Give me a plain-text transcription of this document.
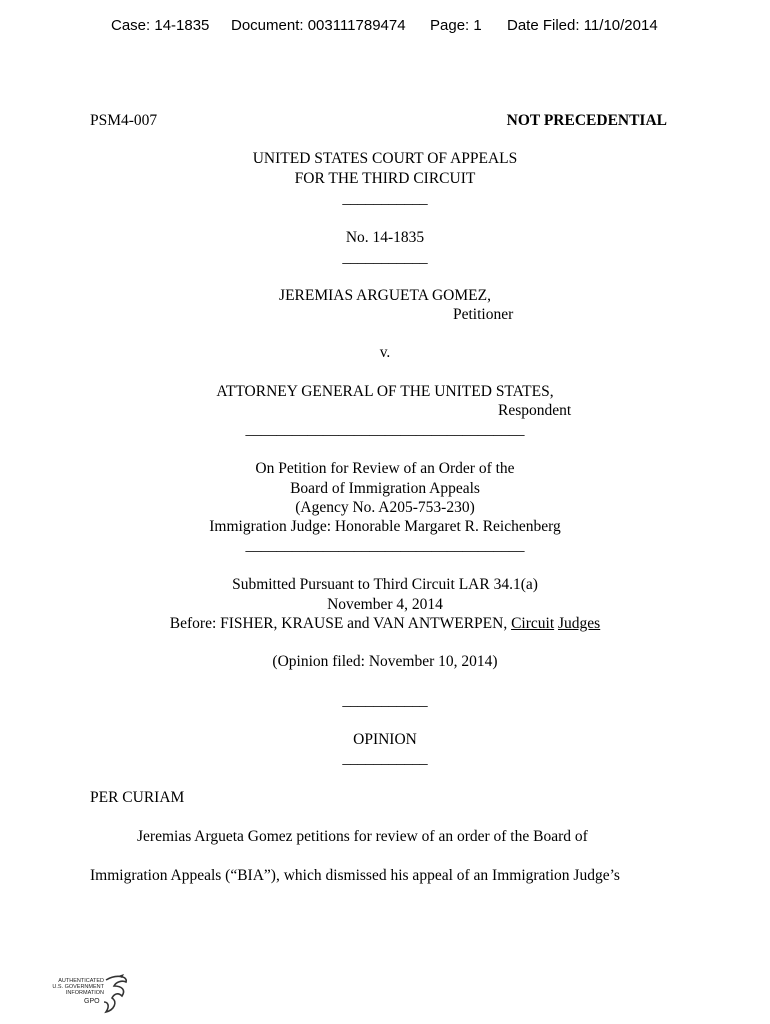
Case: 14-1835 Document: 003111789474 Page: 1 Date Filed: 11/10/2014
PSM4-007	NOT PRECEDENTIAL
UNITED STATES COURT OF APPEALS
FOR THE THIRD CIRCUIT
___________
No. 14-1835
___________
JEREMIAS ARGUETA GOMEZ,
Petitioner
v.
ATTORNEY GENERAL OF THE UNITED STATES,
Respondent
____________________________________
On Petition for Review of an Order of the
Board of Immigration Appeals
(Agency No. A205-753-230)
Immigration Judge: Honorable Margaret R. Reichenberg
____________________________________
Submitted Pursuant to Third Circuit LAR 34.1(a)
November 4, 2014
Before: FISHER, KRAUSE and VAN ANTWERPEN, Circuit Judges
(Opinion filed: November 10, 2014)
___________
OPINION
___________
PER CURIAM
Jeremias Argueta Gomez petitions for review of an order of the Board of
Immigration Appeals (“BIA”), which dismissed his appeal of an Immigration Judge’s
AUTHENTICATED
U.S. GOVERNMENT
INFORMATION
GPO
